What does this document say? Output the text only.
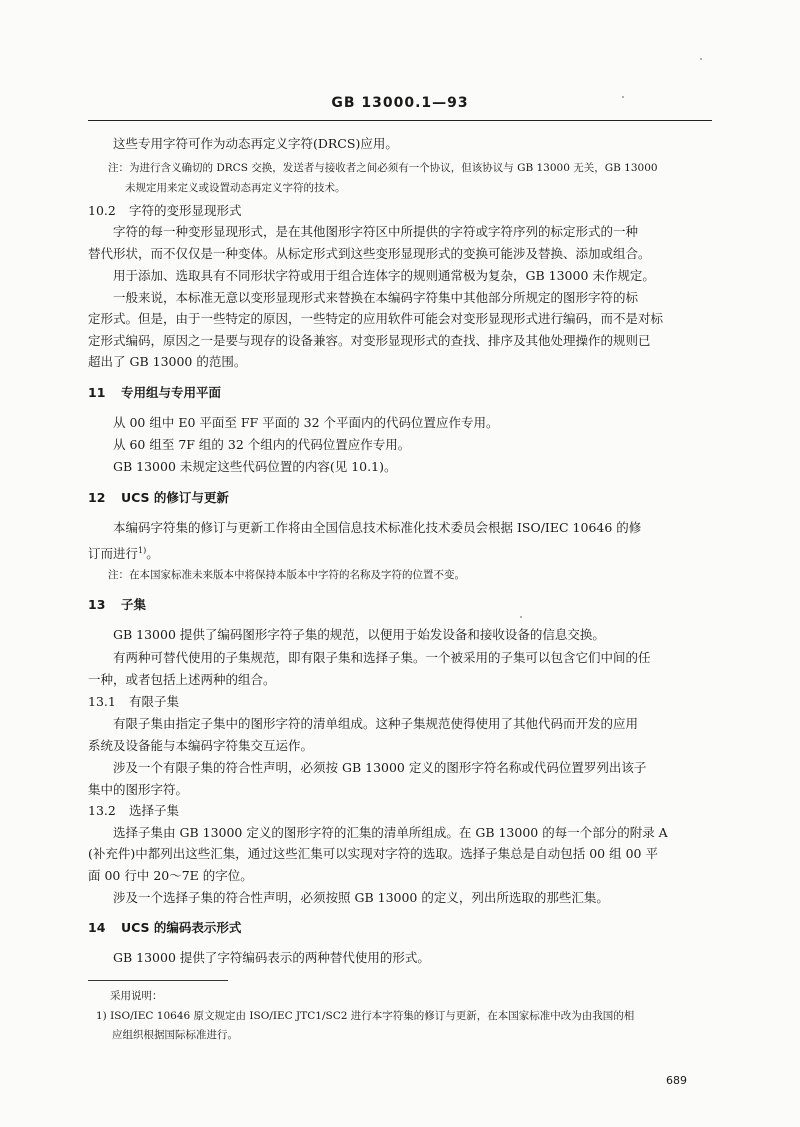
GB 13000.1—93
这些专用字符可作为动态再定义字符(DRCS)应用。
注：为进行含义确切的 DRCS 交换，发送者与接收者之间必须有一个协议，但该协议与 GB 13000 无关，GB 13000
未规定用来定义或设置动态再定义字符的技术。
10.2 字符的变形显现形式
字符的每一种变形显现形式，是在其他图形字符区中所提供的字符或字符序列的标定形式的一种
替代形状，而不仅仅是一种变体。从标定形式到这些变形显现形式的变换可能涉及替换、添加或组合。
用于添加、选取具有不同形状字符或用于组合连体字的规则通常极为复杂，GB 13000 未作规定。
一般来说，本标准无意以变形显现形式来替换在本编码字符集中其他部分所规定的图形字符的标
定形式。但是，由于一些特定的原因，一些特定的应用软件可能会对变形显现形式进行编码，而不是对标
定形式编码，原因之一是要与现存的设备兼容。对变形显现形式的查找、排序及其他处理操作的规则已
超出了 GB 13000 的范围。
11 专用组与专用平面
从 00 组中 E0 平面至 FF 平面的 32 个平面内的代码位置应作专用。
从 60 组至 7F 组的 32 个组内的代码位置应作专用。
GB 13000 未规定这些代码位置的内容(见 10.1)。
12 UCS 的修订与更新
本编码字符集的修订与更新工作将由全国信息技术标准化技术委员会根据 ISO/IEC 10646 的修
订而进行$^{1)}$。
注：在本国家标准未来版本中将保持本版本中字符的名称及字符的位置不变。
13 子集
GB 13000 提供了编码图形字符子集的规范，以便用于始发设备和接收设备的信息交换。
有两种可替代使用的子集规范，即有限子集和选择子集。一个被采用的子集可以包含它们中间的任
一种，或者包括上述两种的组合。
13.1 有限子集
有限子集由指定子集中的图形字符的清单组成。这种子集规范使得使用了其他代码而开发的应用
系统及设备能与本编码字符集交互运作。
涉及一个有限子集的符合性声明，必须按 GB 13000 定义的图形字符名称或代码位置罗列出该子
集中的图形字符。
13.2 选择子集
选择子集由 GB 13000 定义的图形字符的汇集的清单所组成。在 GB 13000 的每一个部分的附录 A
(补充件)中都列出这些汇集，通过这些汇集可以实现对字符的选取。选择子集总是自动包括 00 组 00 平
面 00 行中 20～7E 的字位。
涉及一个选择子集的符合性声明，必须按照 GB 13000 的定义，列出所选取的那些汇集。
14 UCS 的编码表示形式
GB 13000 提供了字符编码表示的两种替代使用的形式。
采用说明：
1) ISO/IEC 10646 原文规定由 ISO/IEC JTC1/SC2 进行本字符集的修订与更新，在本国家标准中改为由我国的相
应组织根据国际标准进行。
689
